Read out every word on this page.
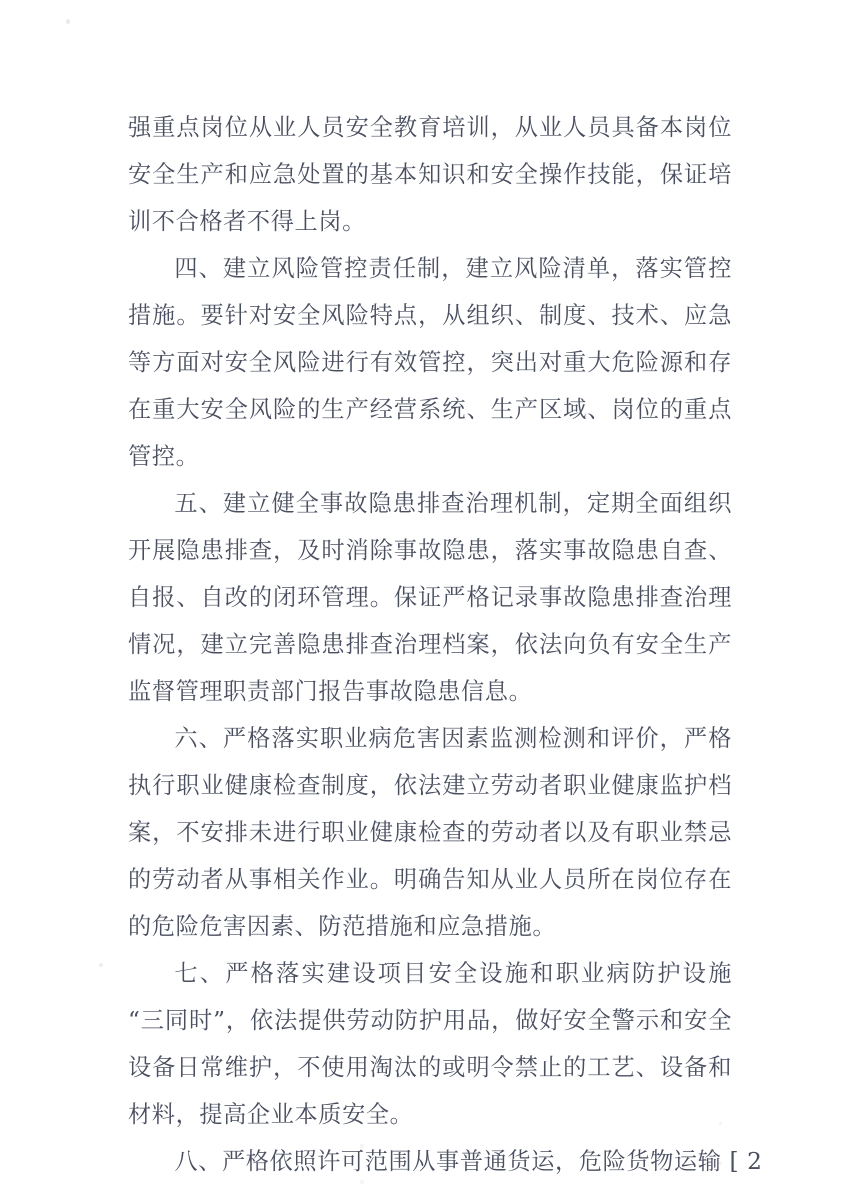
强重点岗位从业人员安全教育培训，从业人员具备本岗位安全生产和应急处置的基本知识和安全操作技能，保证培训不合格者不得上岗。

四、建立风险管控责任制，建立风险清单，落实管控措施。要针对安全风险特点，从组织、制度、技术、应急等方面对安全风险进行有效管控，突出对重大危险源和存在重大安全风险的生产经营系统、生产区域、岗位的重点管控。

五、建立健全事故隐患排查治理机制，定期全面组织开展隐患排查，及时消除事故隐患，落实事故隐患自查、自报、自改的闭环管理。保证严格记录事故隐患排查治理情况，建立完善隐患排查治理档案，依法向负有安全生产监督管理职责部门报告事故隐患信息。

六、严格落实职业病危害因素监测检测和评价，严格执行职业健康检查制度，依法建立劳动者职业健康监护档案，不安排未进行职业健康检查的劳动者以及有职业禁忌的劳动者从事相关作业。明确告知从业人员所在岗位存在的危险危害因素、防范措施和应急措施。

七、严格落实建设项目安全设施和职业病防护设施“三同时”，依法提供劳动防护用品，做好安全警示和安全设备日常维护，不使用淘汰的或明令禁止的工艺、设备和材料，提高企业本质安全。

八、严格依照许可范围从事普通货运，危险货物运输 [ 2
